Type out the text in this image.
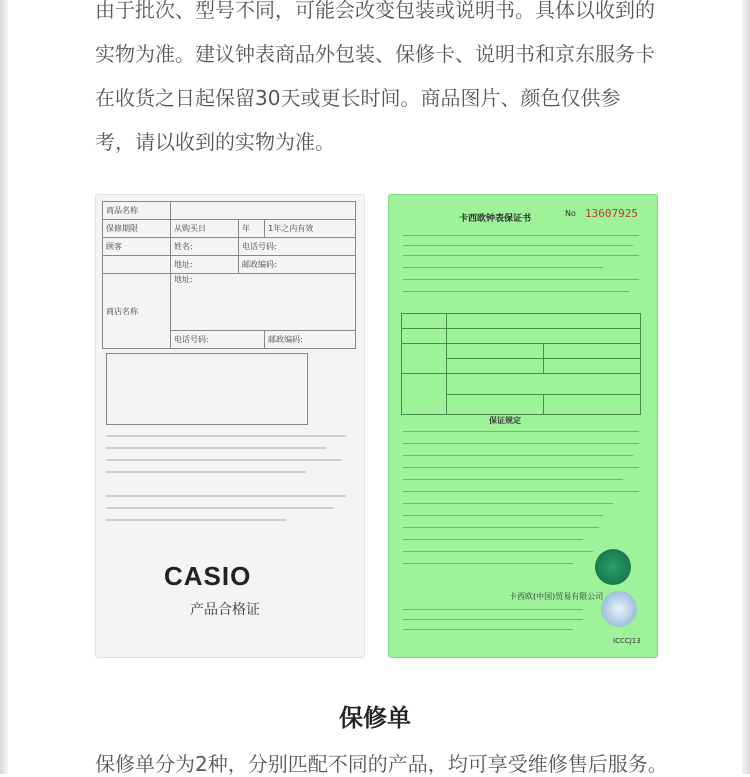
由于批次、型号不同，可能会改变包装或说明书。具体以收到的

实物为准。建议钟表商品外包装、保修卡、说明书和京东服务卡

在收货之日起保留30天或更长时间。商品图片、颜色仅供参

考，请以收到的实物为准。

商品名称			
保修期限	从购买日	年	1年之内有效
顾客	姓名:	电话号码:	
	地址:	邮政编码:	
商店名称	地址:		
	电话号码:		邮政编码:
CASIO
产品合格证
卡西欧钟表保证书
No 13607925

保证规定
卡西欧(中国)贸易有限公司
ICCCJ13
保修单
保修单分为2种，分别匹配不同的产品，均可享受维修售后服务。
